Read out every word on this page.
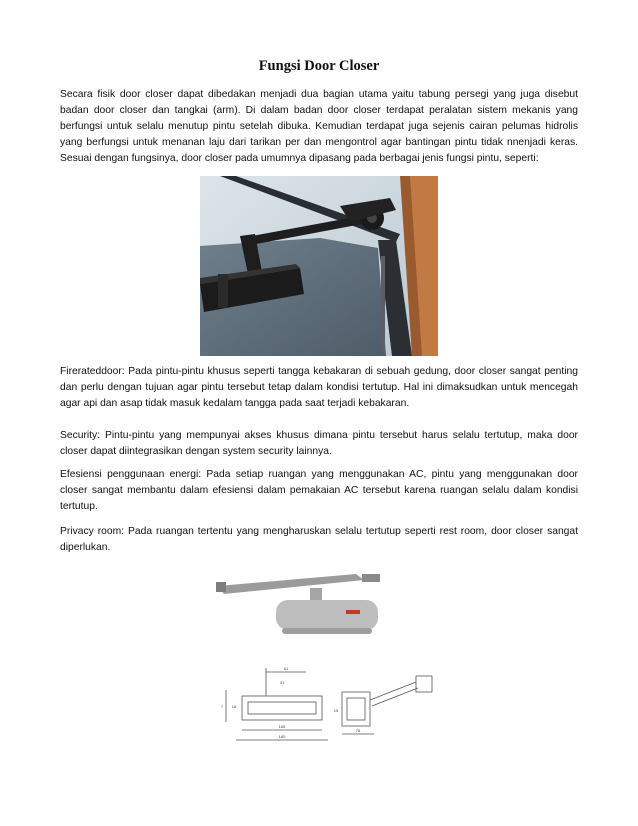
Fungsi Door Closer

Secara fisik door closer dapat dibedakan menjadi dua bagian utama yaitu tabung persegi yang juga disebut badan door closer dan tangkai (arm). Di dalam badan door closer terdapat peralatan sistem mekanis yang berfungsi untuk selalu menutup pintu setelah dibuka. Kemudian terdapat juga sejenis cairan pelumas hidrolis yang berfungsi untuk menanan laju dari tarikan per dan mengontrol agar bantingan pintu tidak nnenjadi keras. Sesuai dengan fungsinya, door closer pada umumnya dipasang pada berbagai jenis fungsi pintu, seperti:

Firerateddoor: Pada pintu-pintu khusus seperti tangga kebakaran di sebuah gedung, door closer sangat penting dan perlu dengan tujuan agar pintu tersebut tetap dalam kondisi tertutup. Hal ini dimaksudkan untuk mencegah agar api dan asap tidak masuk kedalam tangga pada saat terjadi kebakaran.

Security: Pintu-pintu yang mempunyai akses khusus dimana pintu tersebut harus selalu tertutup, maka door closer dapat diintegrasikan dengan system security lainnya.

Efesiensi penggunaan energi: Pada setiap ruangan yang menggunakan AC, pintu yang menggunakan door closer sangat membantu dalam efesiensi dalam pemakaian AC tersebut karena ruangan selalu dalam kondisi tertutup.

Privacy room: Pada ruangan tertentu yang mengharuskan selalu tertutup seperti rest room, door closer sangat diperlukan.

61
41
165
180
7 18
15
78
